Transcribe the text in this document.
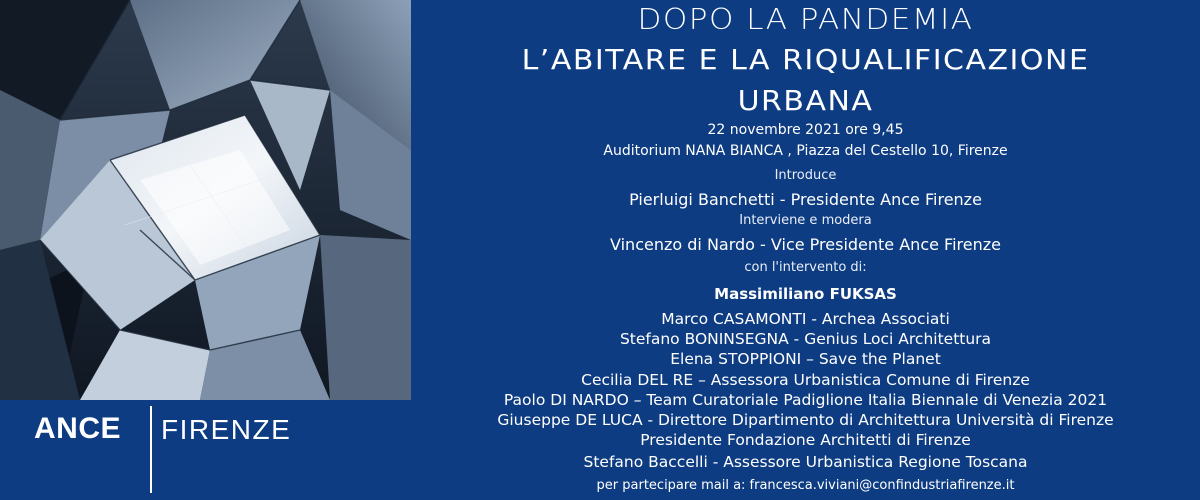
ANCE FIRENZE
DOPO LA PANDEMIA
L’ABITARE E LA RIQUALIFICAZIONE
URBANA
22 novembre 2021 ore 9,45
Auditorium NANA BIANCA , Piazza del Cestello 10, Firenze
Introduce
Pierluigi Banchetti - Presidente Ance Firenze
Interviene e modera
Vincenzo di Nardo - Vice Presidente Ance Firenze
con l'intervento di:
Massimiliano FUKSAS
Marco CASAMONTI - Archea Associati
Stefano BONINSEGNA - Genius Loci Architettura
Elena STOPPIONI – Save the Planet
Cecilia DEL RE – Assessora Urbanistica Comune di Firenze
Paolo DI NARDO – Team Curatoriale Padiglione Italia Biennale di Venezia 2021
Giuseppe DE LUCA - Direttore Dipartimento di Architettura Università di Firenze
Presidente Fondazione Architetti di Firenze
Stefano Baccelli - Assessore Urbanistica Regione Toscana
per partecipare mail a: francesca.viviani@confindustriafirenze.it
